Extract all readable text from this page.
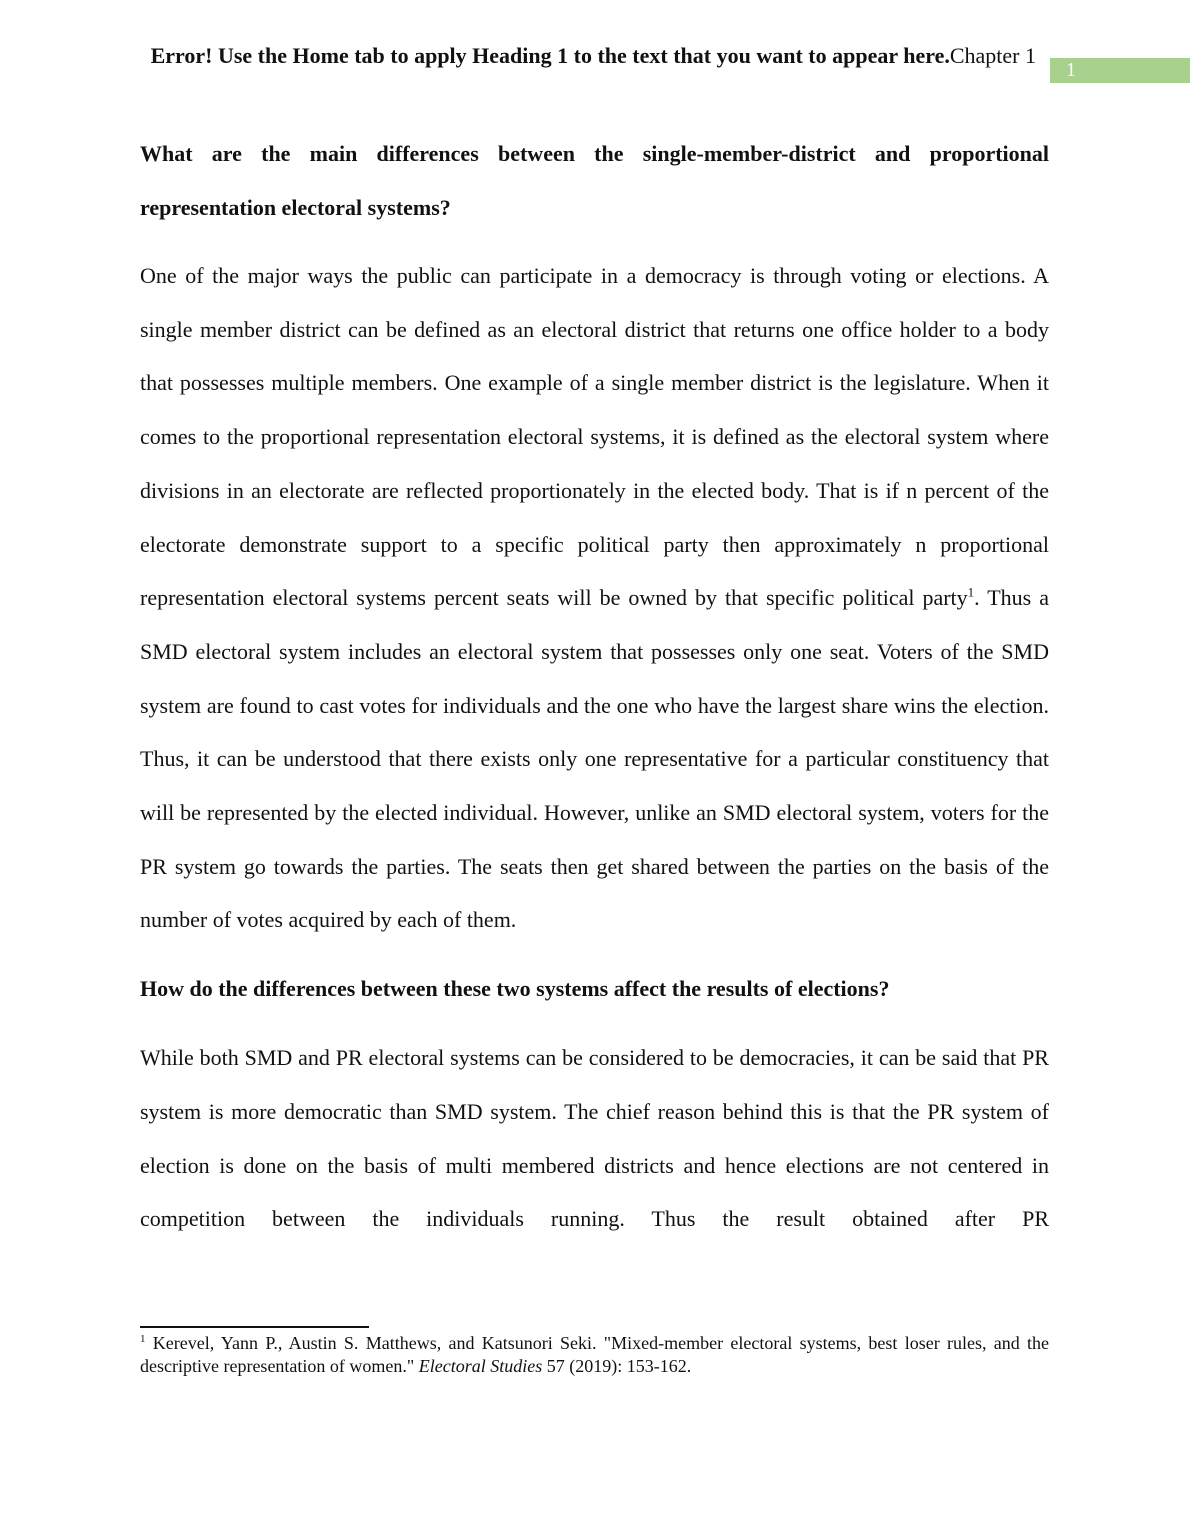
Error! Use the Home tab to apply Heading 1 to the text that you want to appear here.Chapter 1
1
What are the main differences between the single-member-district and proportional representation electoral systems?

One of the major ways the public can participate in a democracy is through voting or elections. A single member district can be defined as an electoral district that returns one office holder to a body that possesses multiple members. One example of a single member district is the legislature. When it comes to the proportional representation electoral systems, it is defined as the electoral system where divisions in an electorate are reflected proportionately in the elected body. That is if n percent of the electorate demonstrate support to a specific political party then approximately n proportional representation electoral systems percent seats will be owned by that specific political party$^1$. Thus a SMD electoral system includes an electoral system that possesses only one seat. Voters of the SMD system are found to cast votes for individuals and the one who have the largest share wins the election. Thus, it can be understood that there exists only one representative for a particular constituency that will be represented by the elected individual. However, unlike an SMD electoral system, voters for the PR system go towards the parties. The seats then get shared between the parties on the basis of the number of votes acquired by each of them.

How do the differences between these two systems affect the results of elections?

While both SMD and PR electoral systems can be considered to be democracies, it can be said that PR system is more democratic than SMD system. The chief reason behind this is that the PR system of election is done on the basis of multi membered districts and hence elections are not centered in competition between the individuals running. Thus the result obtained after PR

$^1$ Kerevel, Yann P., Austin S. Matthews, and Katsunori Seki. "Mixed-member electoral systems, best loser rules, and the descriptive representation of women." Electoral Studies 57 (2019): 153-162.
